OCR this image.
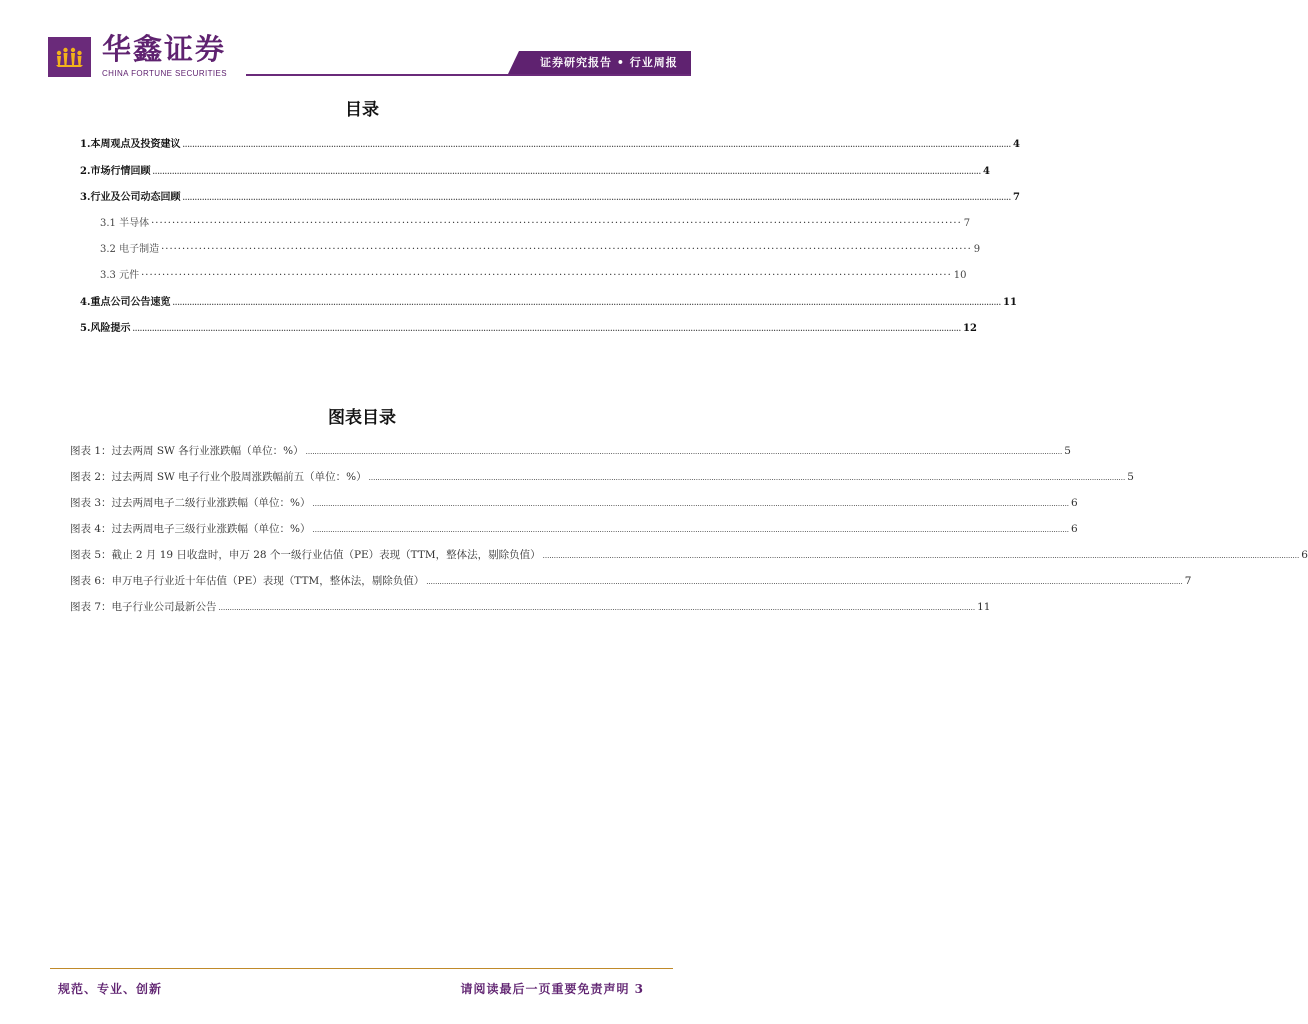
华鑫证券
CHINA FORTUNE SECURITIES
证券研究报告 • 行业周报
目录
1. 本周观点及投资建议 .................................................................................................................................................................................................................................................................................................................................................... 4
2. 市场行情回顾 .................................................................................................................................................................................................................................................................................................................................................... 4
3. 行业及公司动态回顾 .................................................................................................................................................................................................................................................................................................................................................... 7
3.1 半导体 ·································································································································································································· 7
3.2 电子制造 ·································································································································································································· 9
3.3 元件 ·································································································································································································· 10
4. 重点公司公告速览 .................................................................................................................................................................................................................................................................................................................................................... 11
5. 风险提示 .................................................................................................................................................................................................................................................................................................................................................... 12
图表目录
图表 1：过去两周 SW 各行业涨跌幅（单位：%） .................................................................................................................................................................................................................................................................................................................................................... 5
图表 2：过去两周 SW 电子行业个股周涨跌幅前五（单位：%） .................................................................................................................................................................................................................................................................................................................................................... 5
图表 3：过去两周电子二级行业涨跌幅（单位：%） .................................................................................................................................................................................................................................................................................................................................................... 6
图表 4：过去两周电子三级行业涨跌幅（单位：%） .................................................................................................................................................................................................................................................................................................................................................... 6
图表 5：截止 2 月 19 日收盘时，申万 28 个一级行业估值（PE）表现（TTM，整体法，剔除负值） .................................................................................................................................................................................................................................................................................................................................................... 6
图表 6：申万电子行业近十年估值（PE）表现（TTM，整体法，剔除负值） .................................................................................................................................................................................................................................................................................................................................................... 7
图表 7：电子行业公司最新公告 .................................................................................................................................................................................................................................................................................................................................................... 11
规范、专业、创新	请阅读最后一页重要免责声明 3
